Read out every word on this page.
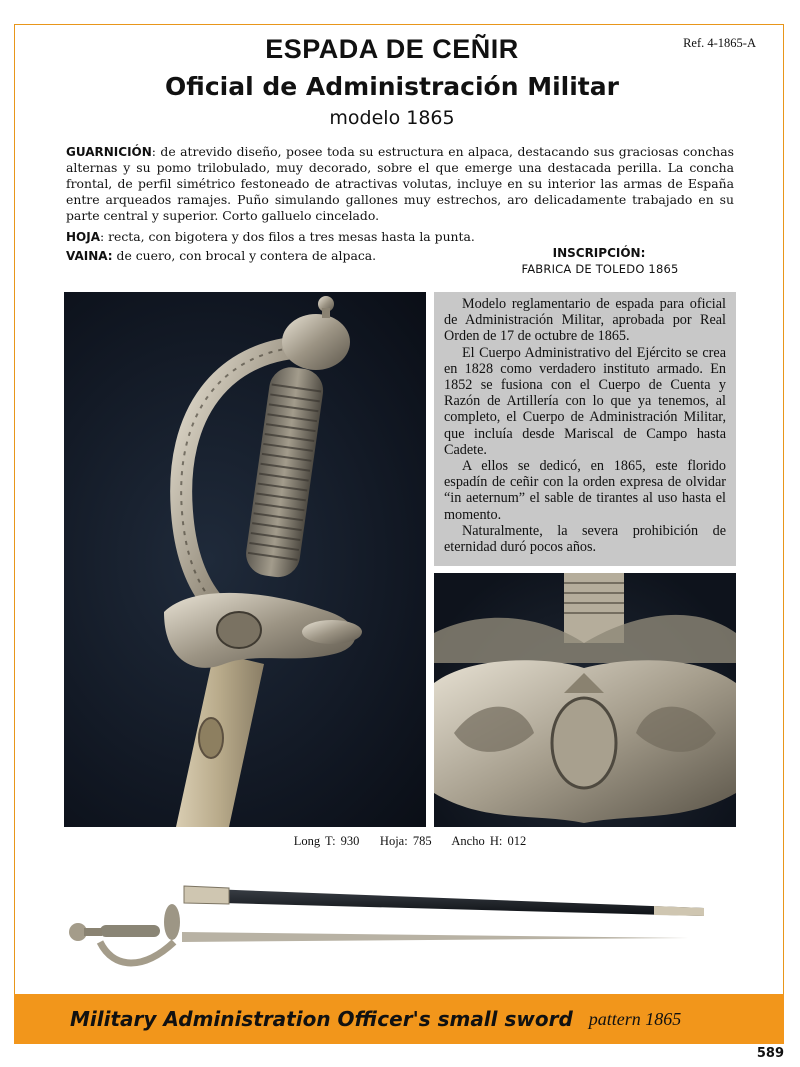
Ref. 4-1865-A
ESPADA DE CEÑIR
Oficial de Administración Militar
modelo 1865
GUARNICIÓN: de atrevido diseño, posee toda su estructura en alpaca, destacando sus graciosas conchas alternas y su pomo trilobulado, muy decorado, sobre el que emerge una destacada perilla. La concha frontal, de perfil simétrico festoneado de atractivas volutas, incluye en su interior las armas de España entre arqueados ramajes. Puño simulando gallones muy estrechos, aro delicadamente trabajado en su parte central y superior. Corto galluelo cincelado.
HOJA: recta, con bigotera y dos filos a tres mesas hasta la punta.
VAINA: de cuero, con brocal y contera de alpaca.	INSCRIPCIÓN:
FABRICA DE TOLEDO 1865

Modelo reglamentario de espada para oficial de Administración Militar, aprobada por Real Orden de 17 de octubre de 1865.

El Cuerpo Administrativo del Ejército se crea en 1828 como verdadero instituto armado. En 1852 se fusiona con el Cuerpo de Cuenta y Razón de Artillería con lo que ya tenemos, al completo, el Cuerpo de Administración Militar, que incluía desde Mariscal de Campo hasta Cadete.

A ellos se dedicó, en 1865, este florido espadín de ceñir con la orden expresa de olvidar “in aeternum” el sable de tirantes al uso hasta el momento.

Naturalmente, la severa prohibición de eternidad duró pocos años.

Long T: 930 Hoja: 785 Ancho H: 012
Military Administration Officer's small sword pattern 1865
589
